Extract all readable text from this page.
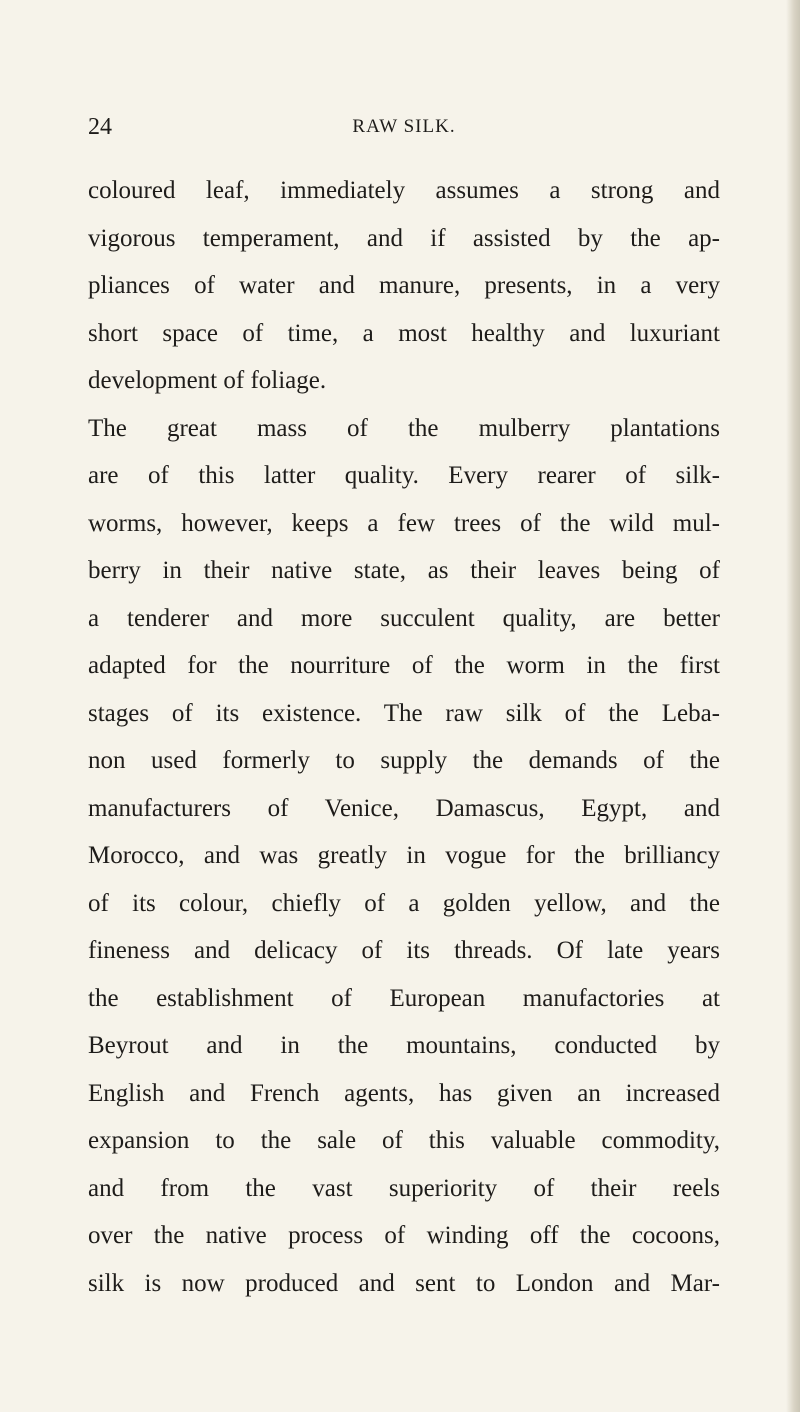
24	RAW SILK.
coloured leaf, immediately assumes a strong and
vigorous temperament, and if assisted by the ap-
pliances of water and manure, presents, in a very
short space of time, a most healthy and luxuriant
development of foliage.
The great mass of the mulberry plantations
are of this latter quality. Every rearer of silk-
worms, however, keeps a few trees of the wild mul-
berry in their native state, as their leaves being of
a tenderer and more succulent quality, are better
adapted for the nourriture of the worm in the first
stages of its existence. The raw silk of the Leba-
non used formerly to supply the demands of the
manufacturers of Venice, Damascus, Egypt, and
Morocco, and was greatly in vogue for the brilliancy
of its colour, chiefly of a golden yellow, and the
fineness and delicacy of its threads. Of late years
the establishment of European manufactories at
Beyrout and in the mountains, conducted by
English and French agents, has given an increased
expansion to the sale of this valuable commodity,
and from the vast superiority of their reels
over the native process of winding off the cocoons,
silk is now produced and sent to London and Mar-
